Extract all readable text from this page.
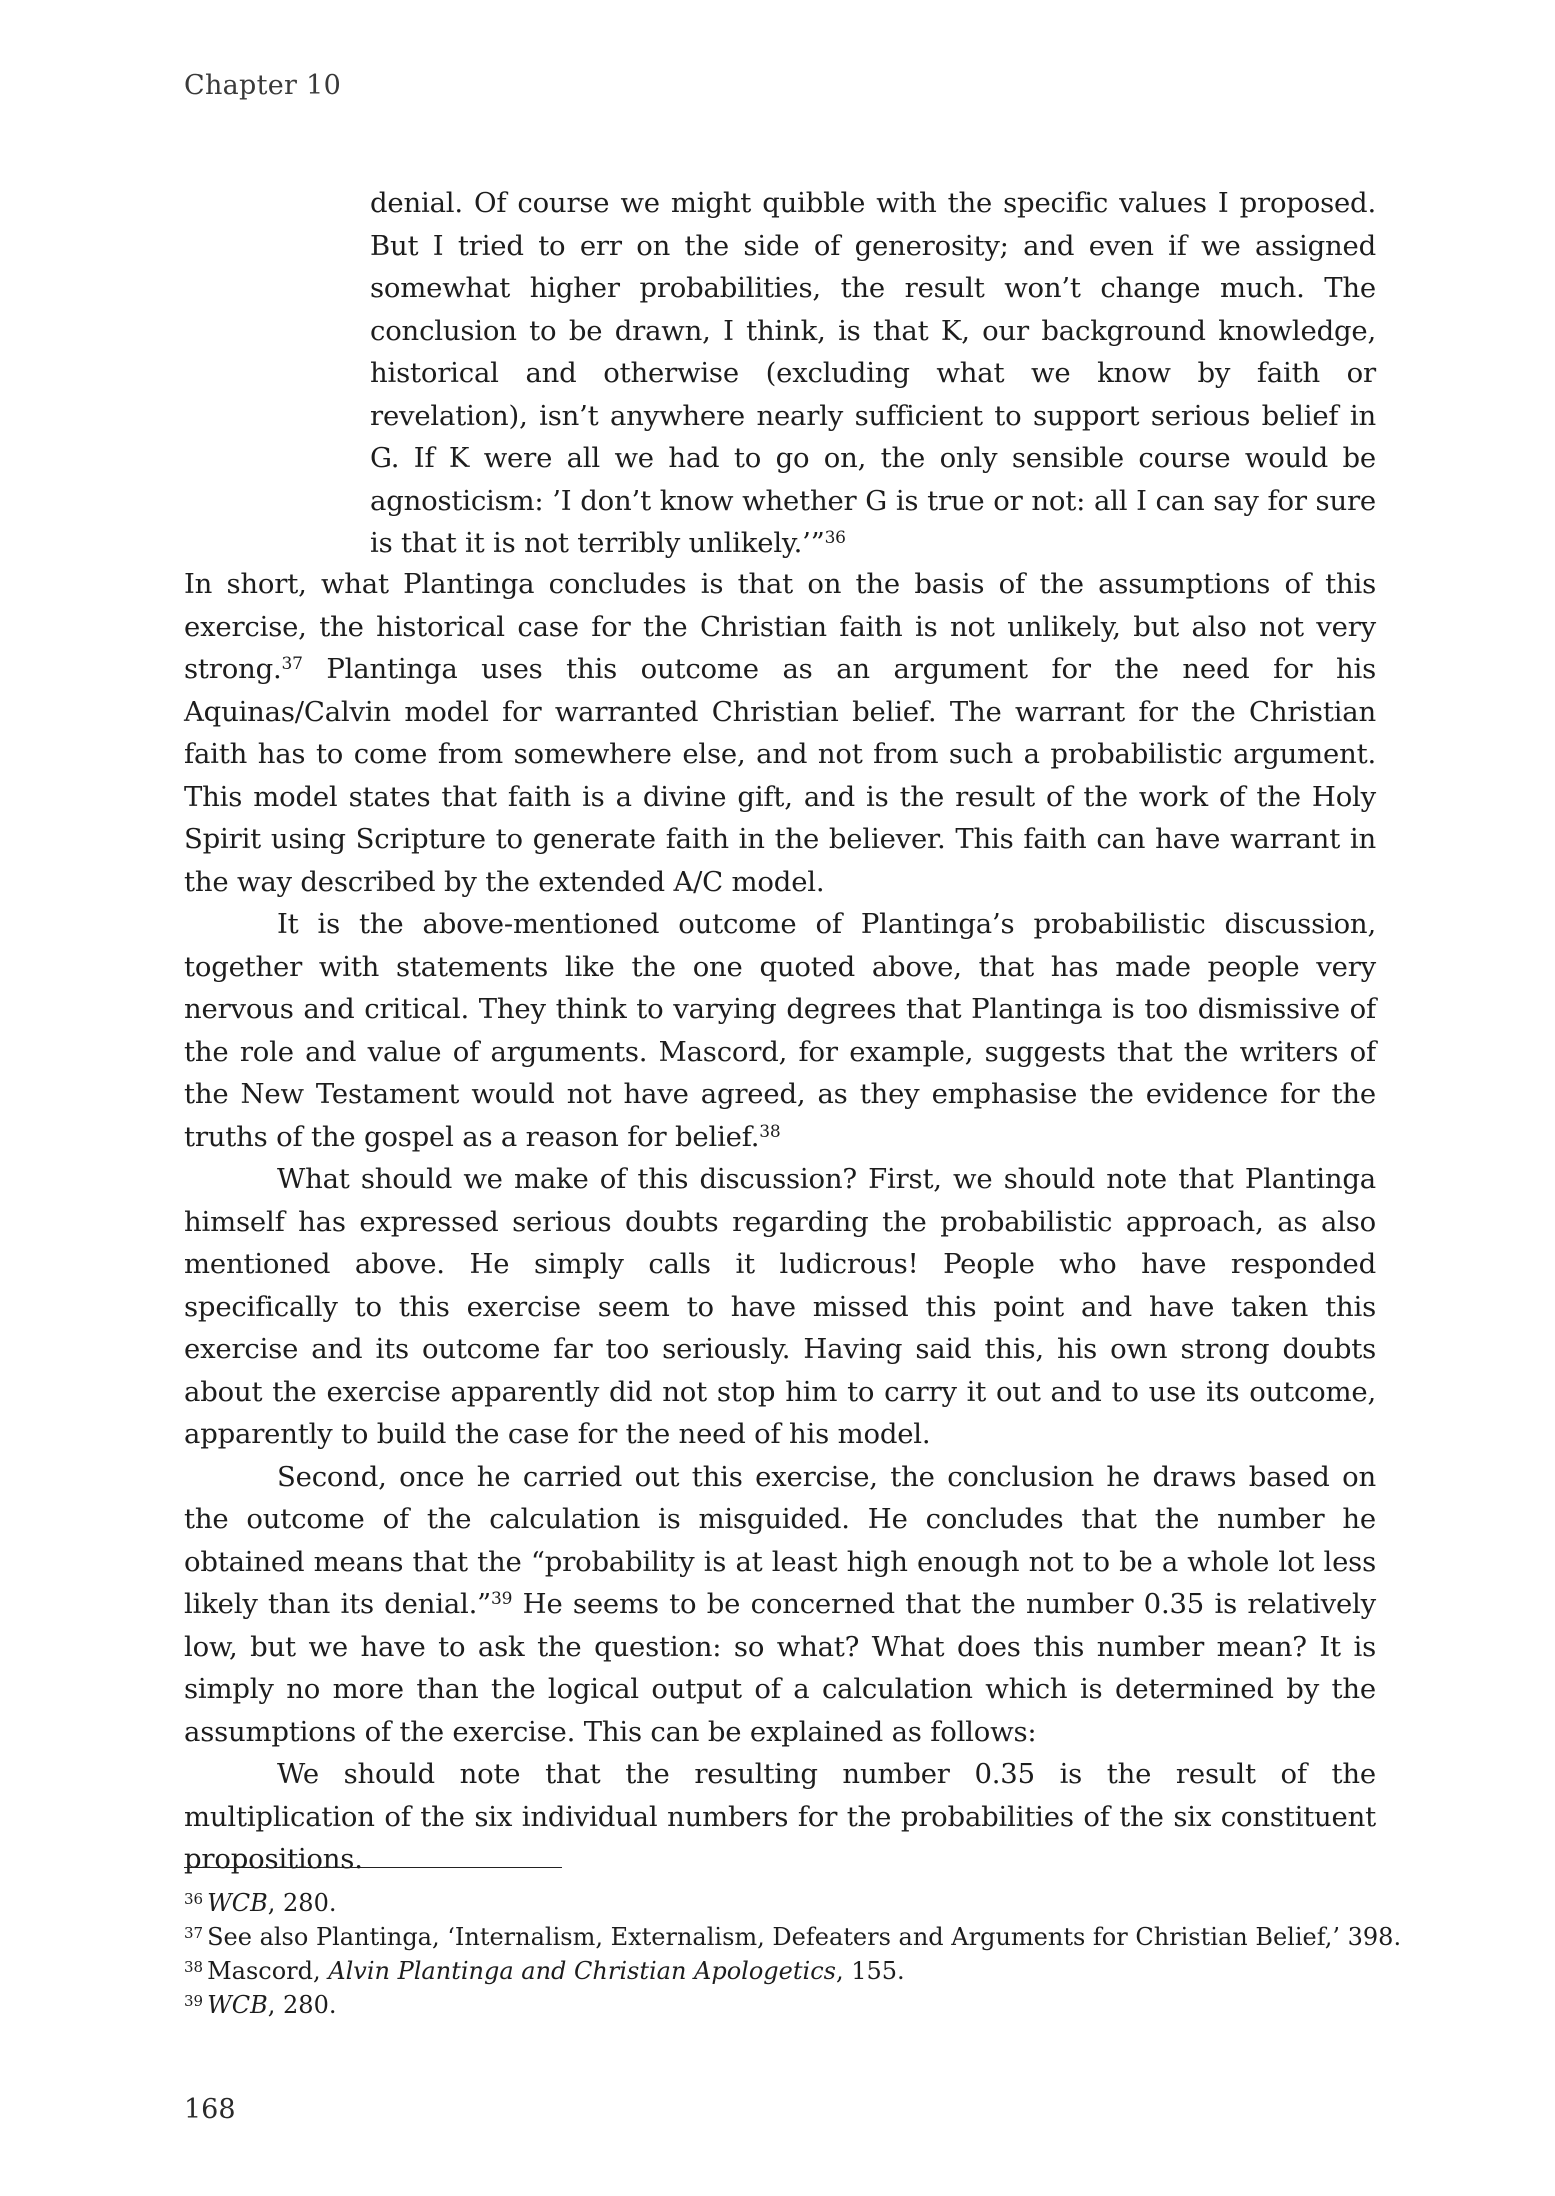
Chapter 10

denial. Of course we might quibble with the specific values I proposed. But I tried to err on the side of generosity; and even if we assigned somewhat higher probabilities, the result won’t change much. The conclusion to be drawn, I think, is that K, our background knowledge, historical and otherwise (excluding what we know by faith or revelation), isn’t anywhere nearly sufficient to support serious belief in G. If K were all we had to go on, the only sensible course would be agnosticism: ’I don’t know whether G is true or not: all I can say for sure is that it is not terribly unlikely.’”$^{36}$

In short, what Plantinga concludes is that on the basis of the assumptions of this exercise, the historical case for the Christian faith is not unlikely, but also not very strong.$^{37}$ Plantinga uses this outcome as an argument for the need for his Aquinas/Calvin model for warranted Christian belief. The warrant for the Christian faith has to come from somewhere else, and not from such a probabilistic argument. This model states that faith is a divine gift, and is the result of the work of the Holy Spirit using Scripture to generate faith in the believer. This faith can have warrant in the way described by the extended A/C model.

It is the above-mentioned outcome of Plantinga’s probabilistic discussion, together with statements like the one quoted above, that has made people very nervous and critical. They think to varying degrees that Plantinga is too dismissive of the role and value of arguments. Mascord, for example, suggests that the writers of the New Testament would not have agreed, as they emphasise the evidence for the truths of the gospel as a reason for belief.$^{38}$

What should we make of this discussion? First, we should note that Plantinga himself has expressed serious doubts regarding the probabilistic approach, as also mentioned above. He simply calls it ludicrous! People who have responded specifically to this exercise seem to have missed this point and have taken this exercise and its outcome far too seriously. Having said this, his own strong doubts about the exercise apparently did not stop him to carry it out and to use its outcome, apparently to build the case for the need of his model.

Second, once he carried out this exercise, the conclusion he draws based on the outcome of the calculation is misguided. He concludes that the number he obtained means that the “probability is at least high enough not to be a whole lot less likely than its denial.”$^{39}$ He seems to be concerned that the number 0.35 is relatively low, but we have to ask the question: so what? What does this number mean? It is simply no more than the logical output of a calculation which is determined by the assumptions of the exercise. This can be explained as follows:

We should note that the resulting number 0.35 is the result of the multiplication of the six individual numbers for the probabilities of the six constituent propositions.

$^{36}$ WCB, 280.
$^{37}$ See also Plantinga, ‘Internalism, Externalism, Defeaters and Arguments for Christian Belief,’ 398.
$^{38}$ Mascord, Alvin Plantinga and Christian Apologetics, 155.
$^{39}$ WCB, 280.
168
